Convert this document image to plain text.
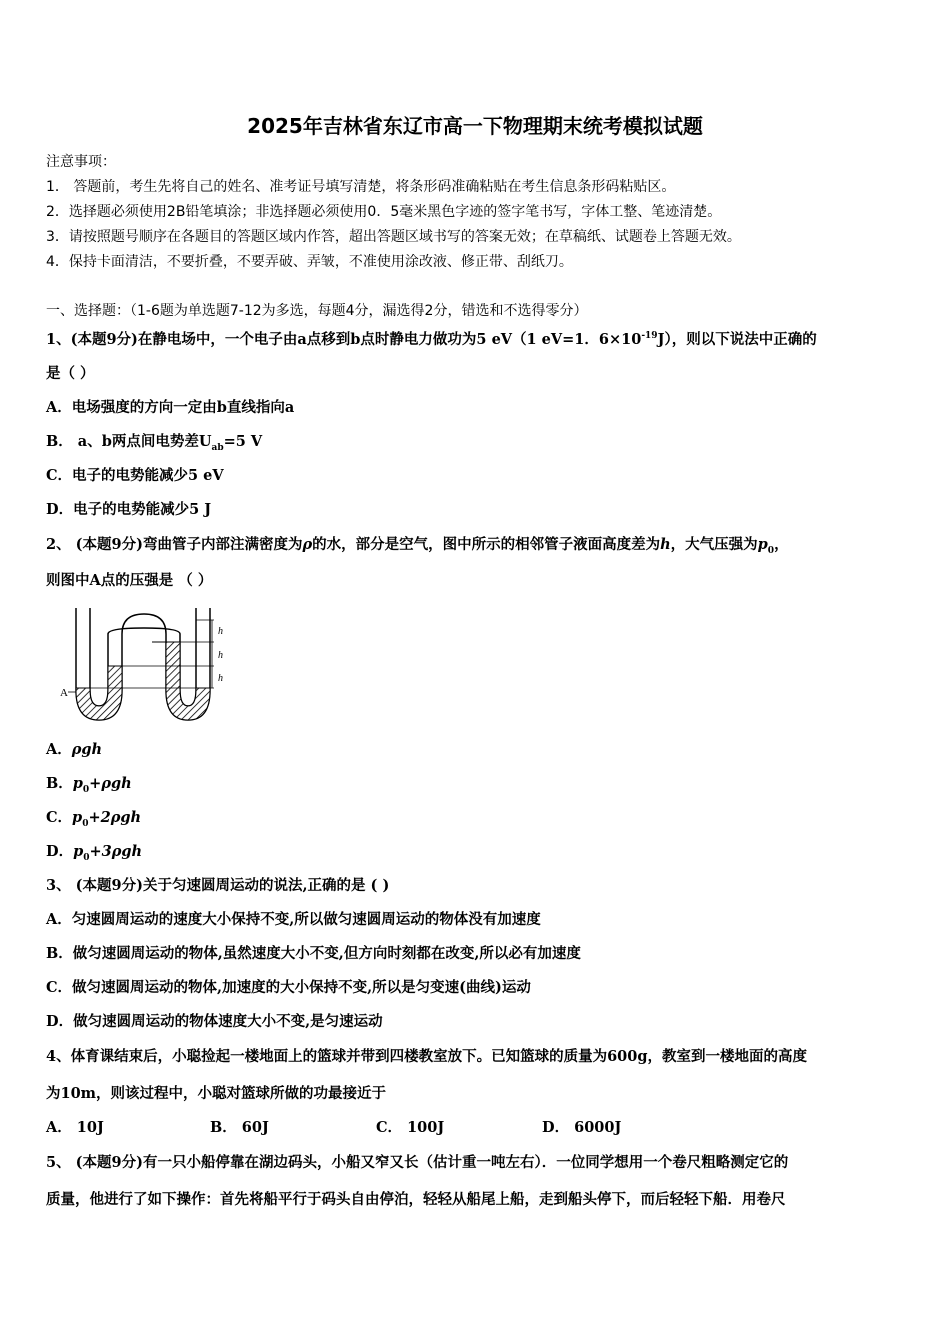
2025年吉林省东辽市高一下物理期末统考模拟试题
注意事项：
1． 答题前，考生先将自己的姓名、准考证号填写清楚，将条形码准确粘贴在考生信息条形码粘贴区。
2．选择题必须使用2B铅笔填涂；非选择题必须使用0．5毫米黑色字迹的签字笔书写，字体工整、笔迹清楚。
3．请按照题号顺序在各题目的答题区域内作答，超出答题区域书写的答案无效；在草稿纸、试题卷上答题无效。
4．保持卡面清洁，不要折叠，不要弄破、弄皱，不准使用涂改液、修正带、刮纸刀。
一、选择题：（1-6题为单选题7-12为多选，每题4分，漏选得2分，错选和不选得零分）
1、(本题9分)在静电场中，一个电子由a点移到b点时静电力做功为5 eV（1 eV=1．$6\times 10^{-19}J$），则以下说法中正确的
是（ ）
A．电场强度的方向一定由b直线指向a
B． a、b两点间电势差$U_{ab}=5$ V
C．电子的电势能减少5 eV
D．电子的电势能减少5 J
2、 (本题9分)弯曲管子内部注满密度为ρ的水，部分是空气，图中所示的相邻管子液面高度差为h，大气压强为$p_0$，
则图中A点的压强是 （ ）
h
h
h
A
A．ρgh
B．$p_0+\rho gh$
C．$p_0+2\rho gh$
D．$p_0+3\rho gh$
3、 (本题9分)关于匀速圆周运动的说法,正确的是 ( )
A．匀速圆周运动的速度大小保持不变,所以做匀速圆周运动的物体没有加速度
B．做匀速圆周运动的物体,虽然速度大小不变,但方向时刻都在改变,所以必有加速度
C．做匀速圆周运动的物体,加速度的大小保持不变,所以是匀变速(曲线)运动
D．做匀速圆周运动的物体速度大小不变,是匀速运动
4、体育课结束后，小聪捡起一楼地面上的篮球并带到四楼教室放下。已知篮球的质量为600g，教室到一楼地面的高度
为10m，则该过程中，小聪对篮球所做的功最接近于
A． 10J	B． 60J	C． 100J	D． 6000J
5、 (本题9分)有一只小船停靠在湖边码头，小船又窄又长（估计重一吨左右）．一位同学想用一个卷尺粗略测定它的
质量，他进行了如下操作：首先将船平行于码头自由停泊，轻轻从船尾上船，走到船头停下，而后轻轻下船．用卷尺
